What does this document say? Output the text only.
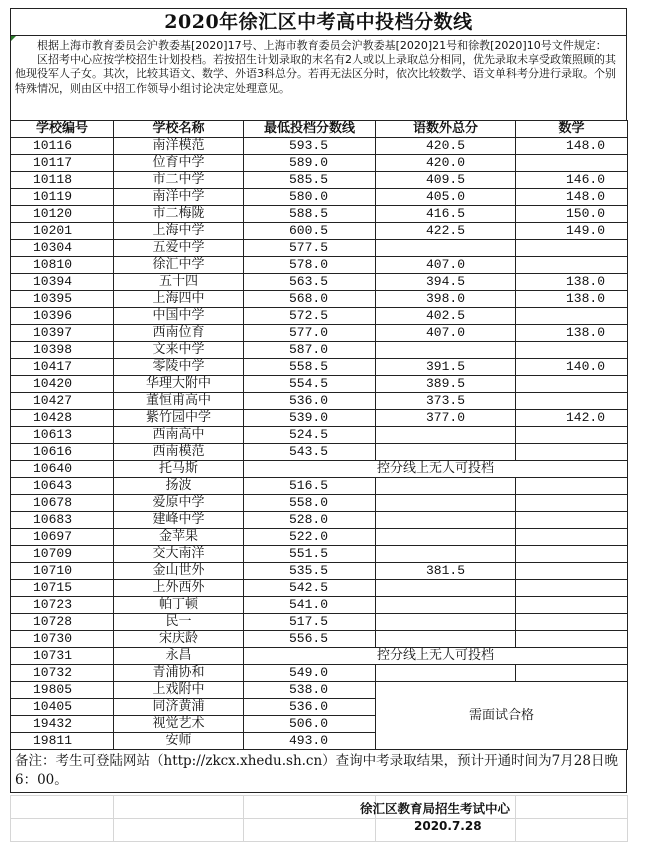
2020年徐汇区中考高中投档分数线

根据上海市教育委员会沪教委基[2020]17号、上海市教育委员会沪教委基[2020]21号和徐教[2020]10号文件规定：

区招考中心应按学校招生计划投档。若按招生计划录取的末名有2人或以上录取总分相同，优先录取未享受政策照顾的其他现役军人子女。其次，比较其语文、数学、外语3科总分。若再无法区分时，依次比较数学、语文单科考分进行录取。个别特殊情况，则由区中招工作领导小组讨论决定处理意见。

学校编号	学校名称	最低投档分数线	语数外总分	数学
10116	南洋模范	593.5	420.5	148.0
10117	位育中学	589.0	420.0	
10118	市二中学	585.5	409.5	146.0
10119	南洋中学	580.0	405.0	148.0
10120	市二梅陇	588.5	416.5	150.0
10201	上海中学	600.5	422.5	149.0
10304	五爱中学	577.5		
10810	徐汇中学	578.0	407.0	
10394	五十四	563.5	394.5	138.0
10395	上海四中	568.0	398.0	138.0
10396	中国中学	572.5	402.5	
10397	西南位育	577.0	407.0	138.0
10398	文来中学	587.0		
10417	零陵中学	558.5	391.5	140.0
10420	华理大附中	554.5	389.5	
10427	董恒甫高中	536.0	373.5	
10428	紫竹园中学	539.0	377.0	142.0
10613	西南高中	524.5		
10616	西南模范	543.5		
10640	托马斯	控分线上无人可投档		
10643	扬波	516.5		
10678	爱原中学	558.0		
10683	建峰中学	528.0		
10697	金苹果	522.0		
10709	交大南洋	551.5		
10710	金山世外	535.5	381.5	
10715	上外西外	542.5		
10723	帕丁顿	541.0		
10728	民一	517.5		
10730	宋庆龄	556.5		
10731	永昌	控分线上无人可投档		
10732	青浦协和	549.0		
19805	上戏附中	538.0	需面试合格	
10405	同济黄浦	536.0		
19432	视觉艺术	506.0		
19811	安师	493.0		
备注：考生可登陆网站（http://zkcx.xhedu.sh.cn）查询中考录取结果，预计开通时间为7月28日晚6：00。

徐汇区教育局招生考试中心
2020.7.28
